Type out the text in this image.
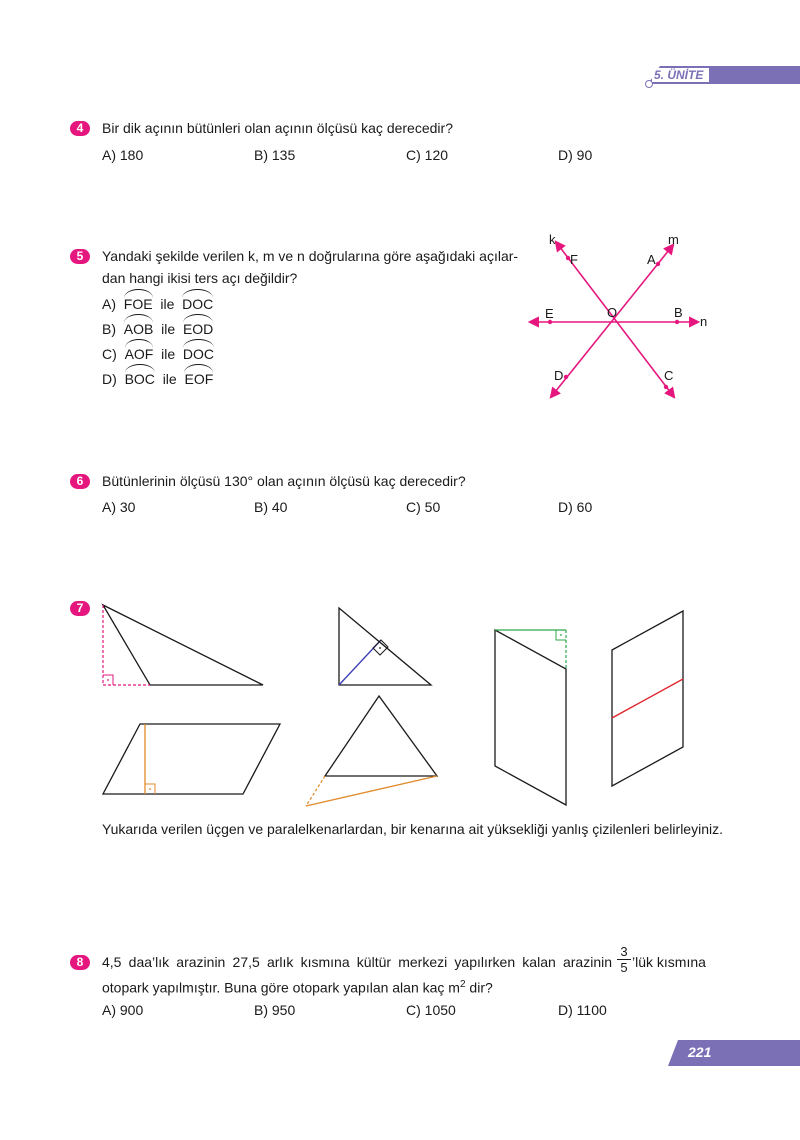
5. ÜNİTE
4	Bir dik açının bütünleri olan açının ölçüsü kaç derecedir?
A) 180	B) 135	C) 120	D) 90
5	Yandaki şekilde verilen k, m ve n doğrularına göre aşağıdaki açılar-
dan hangi ikisi ters açı değildir?
A) FOE ile DOC
B) AOB ile EOD
C) AOF ile DOC
D) BOC ile EOF
k	m
n
F	A
E	O	B
D	C
6	Bütünlerinin ölçüsü 130° olan açının ölçüsü kaç derecedir?
A) 30	B) 40	C) 50	D) 60
7
Yukarıda verilen üçgen ve paralelkenarlardan, bir kenarına ait yüksekliği yanlış çizilenleri belirleyiniz.
8	4,5 daa’lık arazinin 27,5 arlık kısmına kültür merkezi yapılırken kalan arazinin
3
5 ’lük kısmına
otopark yapılmıştır. Buna göre otopark yapılan alan kaç $m^2$ dir?
A) 900	B) 950	C) 1050	D) 1100
221
